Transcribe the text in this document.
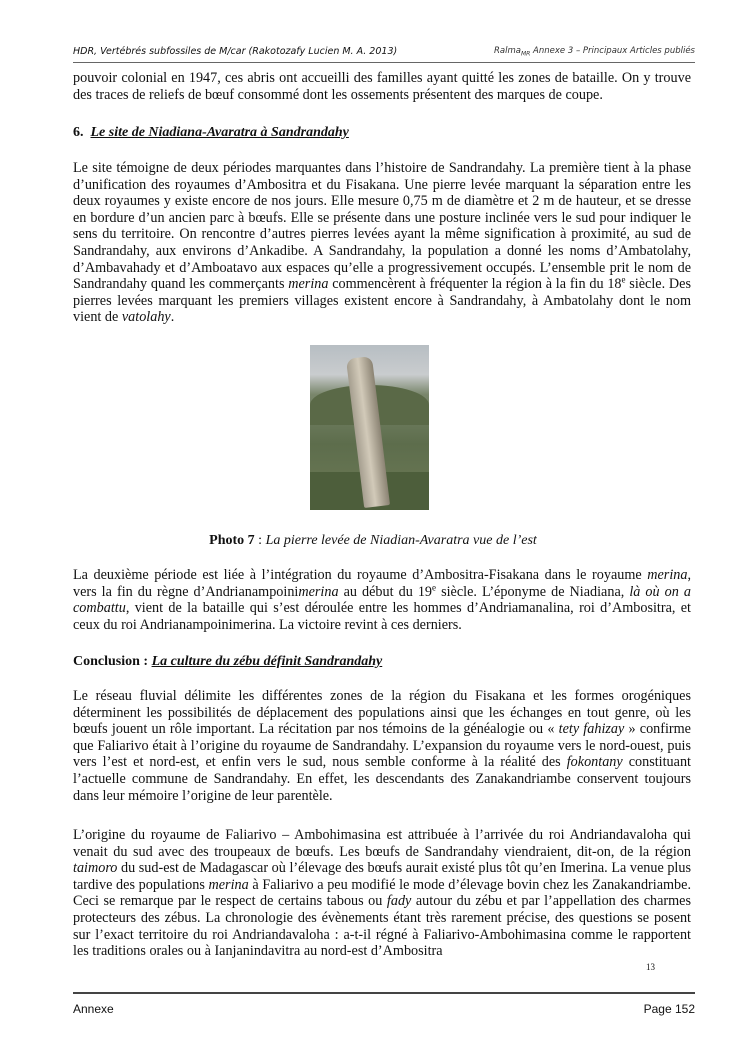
HDR, Vertébrés subfossiles de M/car (Rakotozafy Lucien M. A. 2013)	Ralma$_{MR}$ Annexe 3 – Principaux Articles publiés

pouvoir colonial en 1947, ces abris ont accueilli des familles ayant quitté les zones de bataille. On y trouve des traces de reliefs de bœuf consommé dont les ossements présentent des marques de coupe.

6. Le site de Niadiana-Avaratra à Sandrandahy

Le site témoigne de deux périodes marquantes dans l’histoire de Sandrandahy. La première tient à la phase d’unification des royaumes d’Ambositra et du Fisakana. Une pierre levée marquant la séparation entre les deux royaumes y existe encore de nos jours. Elle mesure 0,75 m de diamètre et 2 m de hauteur, et se dresse en bordure d’un ancien parc à bœufs. Elle se présente dans une posture inclinée vers le sud pour indiquer le sens du territoire. On rencontre d’autres pierres levées ayant la même signification à proximité, au sud de Sandrandahy, aux environs d’Ankadibe. A Sandrandahy, la population a donné les noms d’Ambatolahy, d’Ambavahady et d’Amboatavo aux espaces qu’elle a progressivement occupés. L’ensemble prit le nom de Sandrandahy quand les commerçants merina commencèrent à fréquenter la région à la fin du 18e siècle. Des pierres levées marquant les premiers villages existent encore à Sandrandahy, à Ambatolahy dont le nom vient de vatolahy.

Photo 7 : La pierre levée de Niadian-Avaratra vue de l’est

La deuxième période est liée à l’intégration du royaume d’Ambositra-Fisakana dans le royaume merina, vers la fin du règne d’Andrianampoinimerina au début du 19e siècle. L’éponyme de Niadiana, là où on a combattu, vient de la bataille qui s’est déroulée entre les hommes d’Andriamanalina, roi d’Ambositra, et ceux du roi Andrianampoinimerina. La victoire revint à ces derniers.

Conclusion : La culture du zébu définit Sandrandahy

Le réseau fluvial délimite les différentes zones de la région du Fisakana et les formes orogéniques déterminent les possibilités de déplacement des populations ainsi que les échanges en tout genre, où les bœufs jouent un rôle important. La récitation par nos témoins de la généalogie ou « tety fahizay » confirme que Faliarivo était à l’origine du royaume de Sandrandahy. L’expansion du royaume vers le nord-ouest, puis vers l’est et nord-est, et enfin vers le sud, nous semble conforme à la réalité des fokontany constituant l’actuelle commune de Sandrandahy. En effet, les descendants des Zanakandriambe conservent toujours dans leur mémoire l’origine de leur parentèle.

L’origine du royaume de Faliarivo – Ambohimasina est attribuée à l’arrivée du roi Andriandavaloha qui venait du sud avec des troupeaux de bœufs. Les bœufs de Sandrandahy viendraient, dit-on, de la région taimoro du sud-est de Madagascar où l’élevage des bœufs aurait existé plus tôt qu’en Imerina. La venue plus tardive des populations merina à Faliarivo a peu modifié le mode d’élevage bovin chez les Zanakandriambe. Ceci se remarque par le respect de certains tabous ou fady autour du zébu et par l’appellation des charmes protecteurs des zébus. La chronologie des évènements étant très rarement précise, des questions se posent sur l’exact territoire du roi Andriandavaloha : a-t-il régné à Faliarivo-Ambohimasina comme le rapportent les traditions orales ou à Ianjanindavitra au nord-est d’Ambositra

13
Annexe	Page 152
